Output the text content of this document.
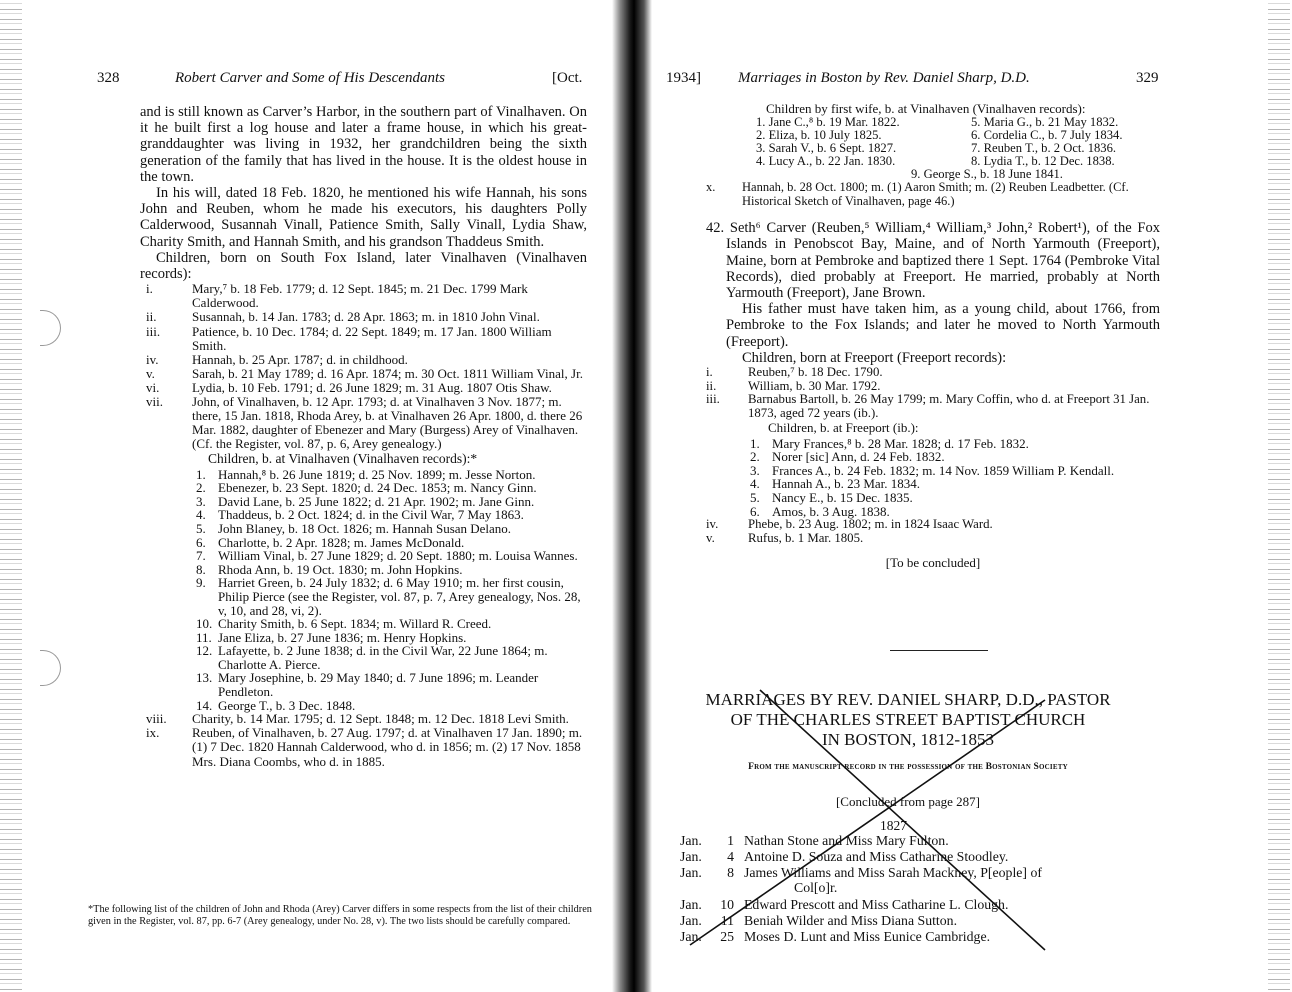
328	Robert Carver and Some of His Descendants	[Oct.

and is still known as Carver’s Harbor, in the southern part of Vinalhaven. On it he built first a log house and later a frame house, in which his great-granddaughter was living in 1932, her grandchildren being the sixth generation of the family that has lived in the house. It is the oldest house in the town.

In his will, dated 18 Feb. 1820, he mentioned his wife Hannah, his sons John and Reuben, whom he made his executors, his daughters Polly Calderwood, Susannah Vinall, Patience Smith, Sally Vinall, Lydia Shaw, Charity Smith, and Hannah Smith, and his grandson Thaddeus Smith.

Children, born on South Fox Island, later Vinalhaven (Vinalhaven records):

i.	Mary,⁷ b. 18 Feb. 1779; d. 12 Sept. 1845; m. 21 Dec. 1799 Mark Calderwood.

ii.	Susannah, b. 14 Jan. 1783; d. 28 Apr. 1863; m. in 1810 John Vinal.

iii. Patience, b. 10 Dec. 1784; d. 22 Sept. 1849; m. 17 Jan. 1800 William Smith.

iv.	Hannah, b. 25 Apr. 1787; d. in childhood.

v.	Sarah, b. 21 May 1789; d. 16 Apr. 1874; m. 30 Oct. 1811 William Vinal, Jr.

vi.	Lydia, b. 10 Feb. 1791; d. 26 June 1829; m. 31 Aug. 1807 Otis Shaw.

vii. John, of Vinalhaven, b. 12 Apr. 1793; d. at Vinalhaven 3 Nov. 1877; m. there, 15 Jan. 1818, Rhoda Arey, b. at Vinalhaven 26 Apr. 1800, d. there 26 Mar. 1882, daughter of Ebenezer and Mary (Burgess) Arey of Vinalhaven. (Cf. the Register, vol. 87, p. 6, Arey genealogy.)

Children, b. at Vinalhaven (Vinalhaven records):*

1. Hannah,⁸ b. 26 June 1819; d. 25 Nov. 1899; m. Jesse Norton.

2. Ebenezer, b. 23 Sept. 1820; d. 24 Dec. 1853; m. Nancy Ginn.

3. David Lane, b. 25 June 1822; d. 21 Apr. 1902; m. Jane Ginn.

4. Thaddeus, b. 2 Oct. 1824; d. in the Civil War, 7 May 1863.

5. John Blaney, b. 18 Oct. 1826; m. Hannah Susan Delano.

6. Charlotte, b. 2 Apr. 1828; m. James McDonald.

7. William Vinal, b. 27 June 1829; d. 20 Sept. 1880; m. Louisa Wannes.

8. Rhoda Ann, b. 19 Oct. 1830; m. John Hopkins.

9. Harriet Green, b. 24 July 1832; d. 6 May 1910; m. her first cousin, Philip Pierce (see the Register, vol. 87, p. 7, Arey genealogy, Nos. 28, v, 10, and 28, vi, 2).

10. Charity Smith, b. 6 Sept. 1834; m. Willard R. Creed.

11. Jane Eliza, b. 27 June 1836; m. Henry Hopkins.

12. Lafayette, b. 2 June 1838; d. in the Civil War, 22 June 1864; m. Charlotte A. Pierce.

13. Mary Josephine, b. 29 May 1840; d. 7 June 1896; m. Leander Pendleton.

14. George T., b. 3 Dec. 1848.

viii. Charity, b. 14 Mar. 1795; d. 12 Sept. 1848; m. 12 Dec. 1818 Levi Smith.

ix.	Reuben, of Vinalhaven, b. 27 Aug. 1797; d. at Vinalhaven 17 Jan. 1890; m. (1) 7 Dec. 1820 Hannah Calderwood, who d. in 1856; m. (2) 17 Nov. 1858 Mrs. Diana Coombs, who d. in 1885.

*The following list of the children of John and Rhoda (Arey) Carver differs in some respects from the list of their children given in the Register, vol. 87, pp. 6-7 (Arey genealogy, under No. 28, v). The two lists should be carefully compared.
1934] Marriages in Boston by Rev. Daniel Sharp, D.D.	329

Children by first wife, b. at Vinalhaven (Vinalhaven records):

1. Jane C.,⁸ b. 19 Mar. 1822.	5. Maria G., b. 21 May 1832.
2. Eliza, b. 10 July 1825.	6. Cordelia C., b. 7 July 1834.
3. Sarah V., b. 6 Sept. 1827.	7. Reuben T., b. 2 Oct. 1836.
4. Lucy A., b. 22 Jan. 1830.	8. Lydia T., b. 12 Dec. 1838.
9. George S., b. 18 June 1841.

x. Hannah, b. 28 Oct. 1800; m. (1) Aaron Smith; m. (2) Reuben Leadbetter. (Cf. Historical Sketch of Vinalhaven, page 46.)

42. Seth⁶ Carver (Reuben,⁵ William,⁴ William,³ John,² Robert¹), of the Fox Islands in Penobscot Bay, Maine, and of North Yarmouth (Freeport), Maine, born at Pembroke and baptized there 1 Sept. 1764 (Pembroke Vital Records), died probably at Freeport. He married, probably at North Yarmouth (Freeport), Jane Brown.

His father must have taken him, as a young child, about 1766, from Pembroke to the Fox Islands; and later he moved to North Yarmouth (Freeport).

Children, born at Freeport (Freeport records):

i.	Reuben,⁷ b. 18 Dec. 1790.

ii. William, b. 30 Mar. 1792.

iii. Barnabus Bartoll, b. 26 May 1799; m. Mary Coffin, who d. at Freeport 31 Jan. 1873, aged 72 years (ib.).

Children, b. at Freeport (ib.):

1. Mary Frances,⁸ b. 28 Mar. 1828; d. 17 Feb. 1832.

2. Norer [sic] Ann, d. 24 Feb. 1832.

3. Frances A., b. 24 Feb. 1832; m. 14 Nov. 1859 William P. Kendall.

4. Hannah A., b. 23 Mar. 1834.

5. Nancy E., b. 15 Dec. 1835.

6. Amos, b. 3 Aug. 1838.

iv. Phebe, b. 23 Aug. 1802; m. in 1824 Isaac Ward.

v.	Rufus, b. 1 Mar. 1805.

[To be concluded]

MARRIAGES BY REV. DANIEL SHARP, D.D., PASTOR
OF THE CHARLES STREET BAPTIST CHURCH
IN BOSTON, 1812-1853
From the manuscript record in the possession of the Bostonian Society
[Concluded from page 287]
1827
Jan. 1 Nathan Stone and Miss Mary Fulton.
Jan. 4 Antoine D. Souza and Miss Catharine Stoodley.
Jan. 8 James Williams and Miss Sarah Mackney, P[eople] of
Col[o]r.
Jan. 10 Edward Prescott and Miss Catharine L. Clough.
Jan. 11 Beniah Wilder and Miss Diana Sutton.
Jan. 25 Moses D. Lunt and Miss Eunice Cambridge.
